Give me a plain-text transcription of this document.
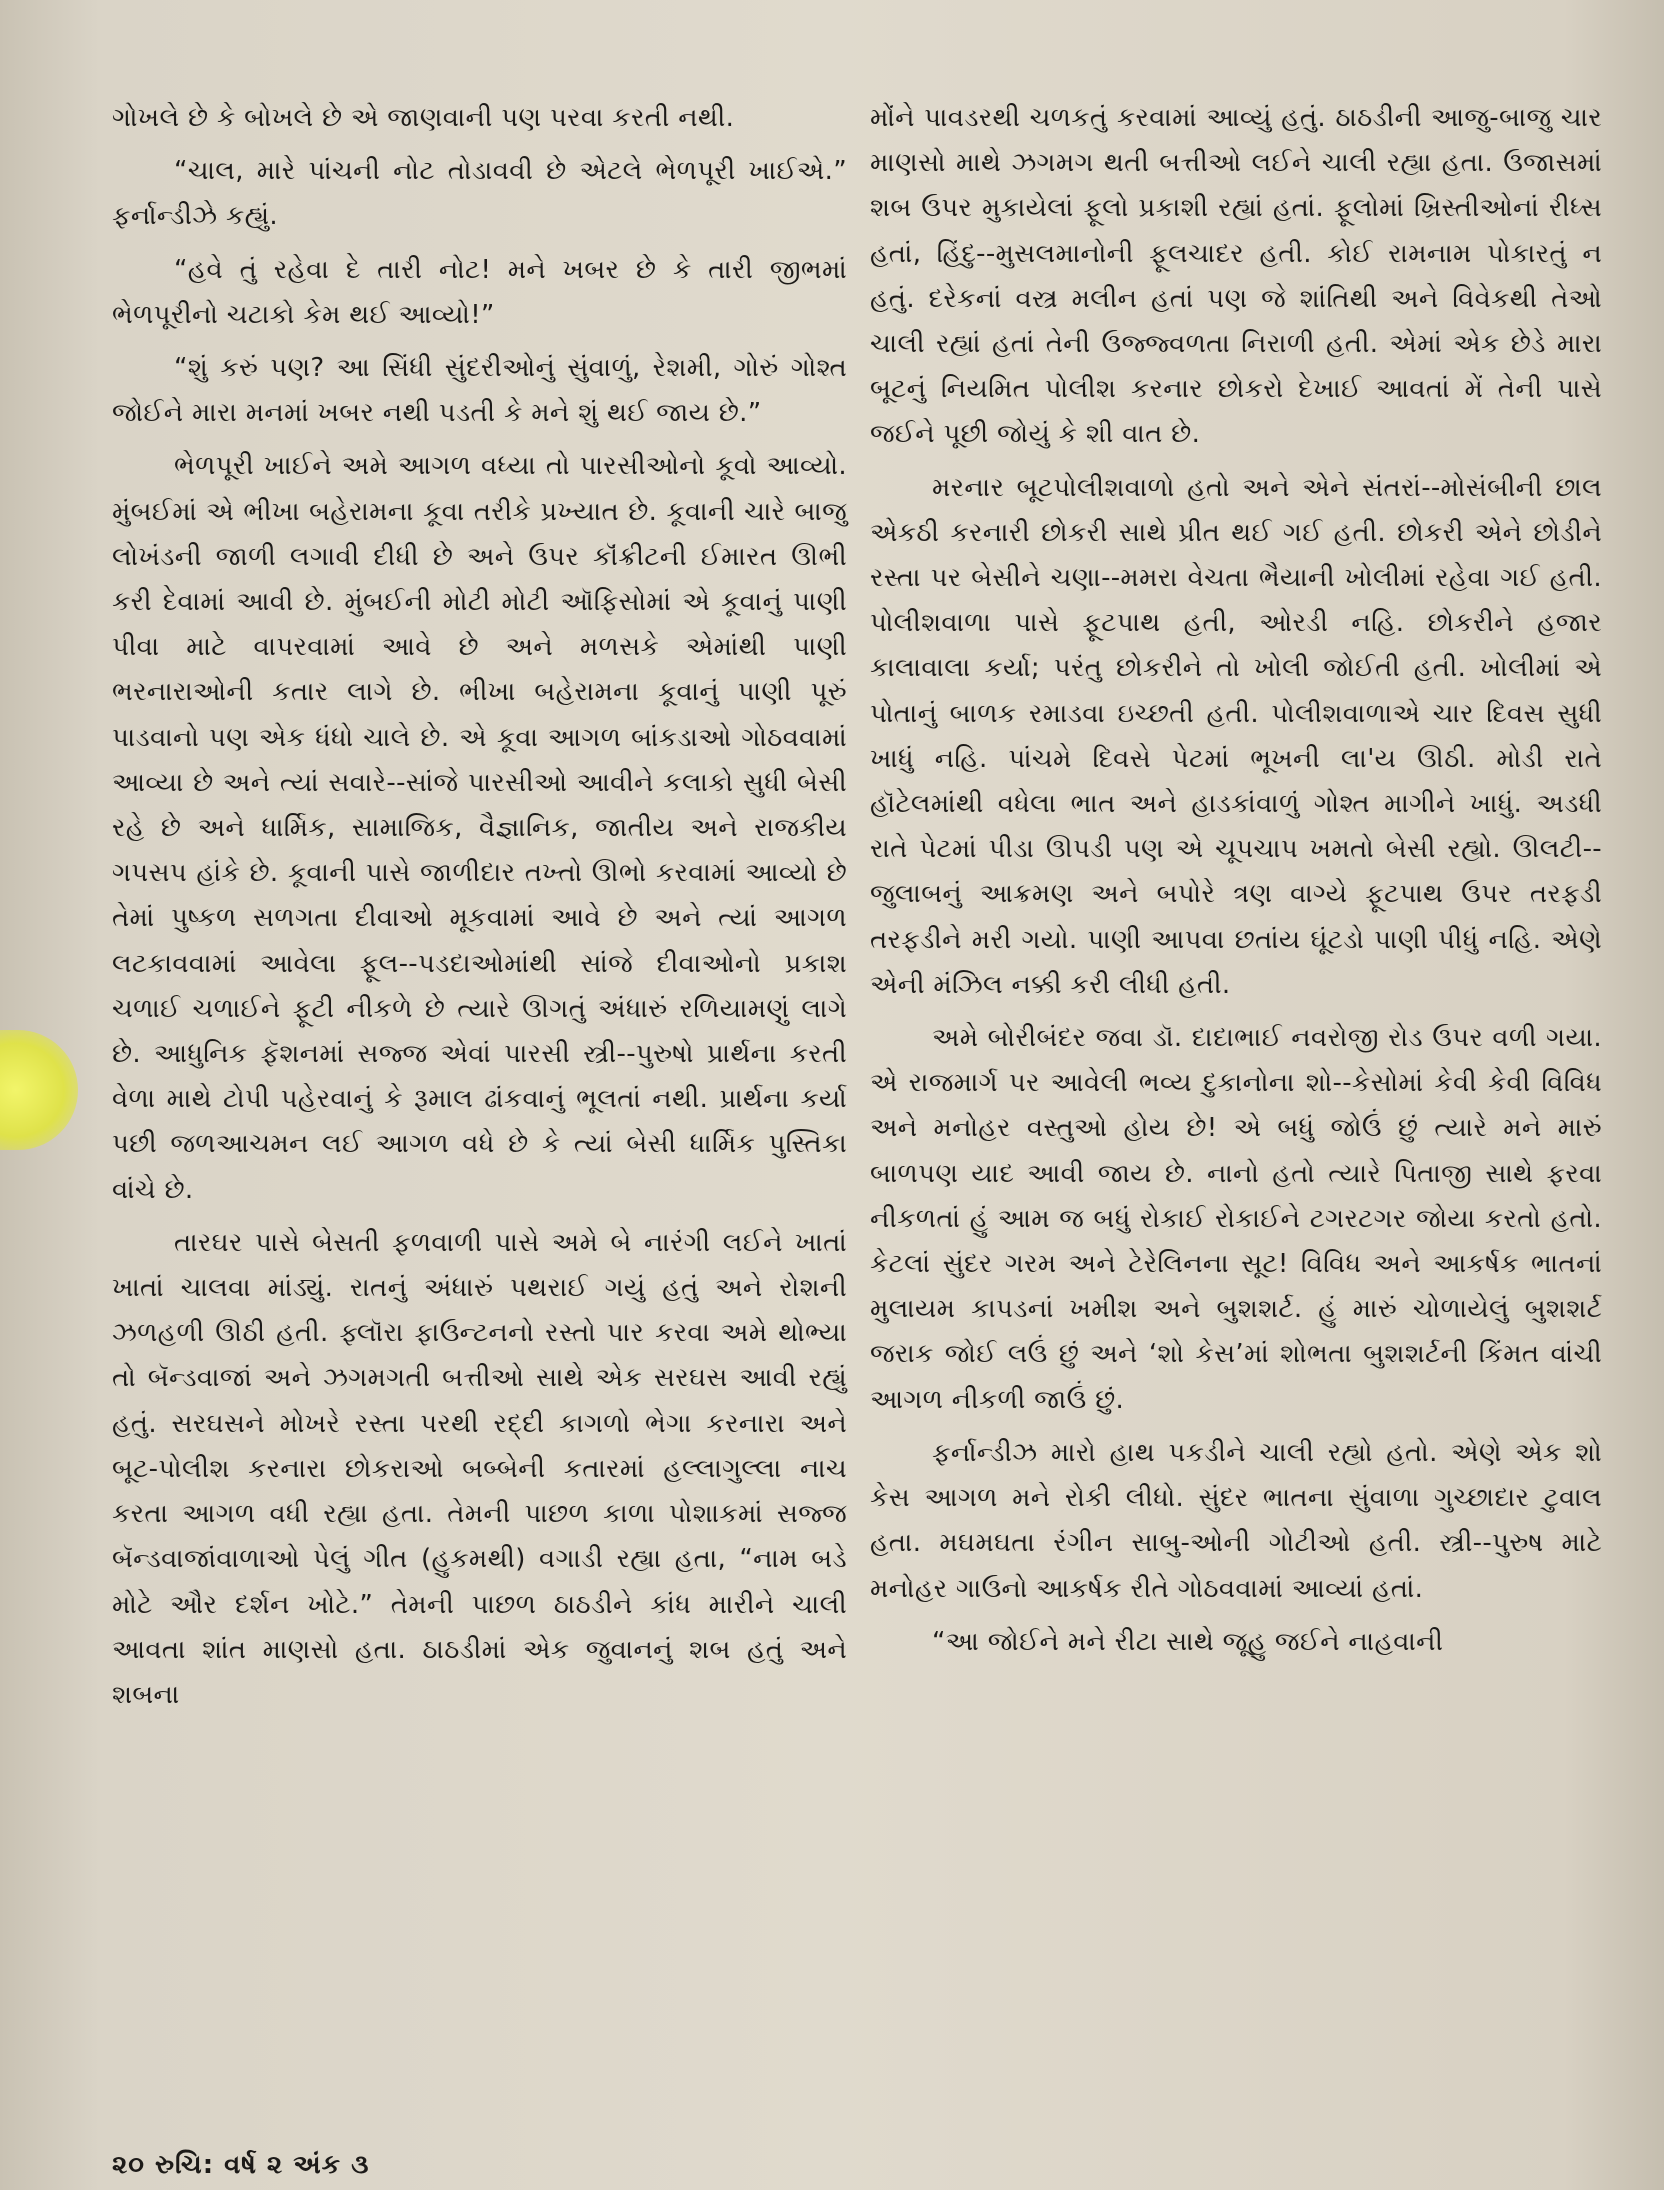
ગોખલે છે કે બોખલે છે એ જાણવાની પણ પરવા કરતી નથી.

“ચાલ, મારે પાંચની નોટ તોડાવવી છે એટલે ભેળપૂરી ખાઈએ.” ફર્નાન્ડીઝે કહ્યું.

“હવે તું રહેવા દે તારી નોટ! મને ખબર છે કે તારી જીભમાં ભેળપૂરીનો ચટાકો કેમ થઈ આવ્યો!”

“શું કરું પણ? આ સિંધી સુંદરીઓનું સુંવાળું, રેશમી, ગોરું ગોશ્ત જોઈને મારા મનમાં ખબર નથી પડતી કે મને શું થઈ જાય છે.”

ભેળપૂરી ખાઈને અમે આગળ વધ્યા તો પારસીઓનો કૂવો આવ્યો. મુંબઈમાં એ ભીખા બહેરામના કૂવા તરીકે પ્રખ્યાત છે. કૂવાની ચારે બાજુ લોખંડની જાળી લગાવી દીધી છે અને ઉપર કૉંક્રીટની ઈમારત ઊભી કરી દેવામાં આવી છે. મુંબઈની મોટી મોટી ઑફિસોમાં એ કૂવાનું પાણી પીવા માટે વાપરવામાં આવે છે અને મળસકે એમાંથી પાણી ભરનારાઓની કતાર લાગે છે. ભીખા બહેરામના કૂવાનું પાણી પૂરું પાડવાનો પણ એક ધંધો ચાલે છે. એ કૂવા આગળ બાંકડાઓ ગોઠવવામાં આવ્યા છે અને ત્યાં સવારે--સાંજે પારસીઓ આવીને કલાકો સુધી બેસી રહે છે અને ધાર્મિક, સામાજિક, વૈજ્ઞાનિક, જાતીય અને રાજકીય ગપસપ હાંકે છે. કૂવાની પાસે જાળીદાર તખ્તો ઊભો કરવામાં આવ્યો છે તેમાં પુષ્કળ સળગતા દીવાઓ મૂકવામાં આવે છે અને ત્યાં આગળ લટકાવવામાં આવેલા ફૂલ--પડદાઓમાંથી સાંજે દીવાઓનો પ્રકાશ ચળાઈ ચળાઈને ફૂટી નીકળે છે ત્યારે ઊગતું અંધારું રળિયામણું લાગે છે. આધુનિક ફૅશનમાં સજ્જ એવાં પારસી સ્ત્રી--પુરુષો પ્રાર્થના કરતી વેળા માથે ટોપી પહેરવાનું કે રૂમાલ ઢાંકવાનું ભૂલતાં નથી. પ્રાર્થના કર્યા પછી જળઆચમન લઈ આગળ વધે છે કે ત્યાં બેસી ધાર્મિક પુસ્તિકા વાંચે છે.

તારઘર પાસે બેસતી ફળવાળી પાસે અમે બે નારંગી લઈને ખાતાં ખાતાં ચાલવા માંડ્યું. રાતનું અંધારું પથરાઈ ગયું હતું અને રોશની ઝળહળી ઊઠી હતી. ફ્લૉરા ફાઉન્ટનનો રસ્તો પાર કરવા અમે થોભ્યા તો બૅન્ડવાજાં અને ઝગમગતી બત્તીઓ સાથે એક સરઘસ આવી રહ્યું હતું. સરઘસને મોખરે રસ્તા પરથી રદ્દી કાગળો ભેગા કરનારા અને બૂટ-પોલીશ કરનારા છોકરાઓ બબ્બેની કતારમાં હલ્લાગુલ્લા નાચ કરતા આગળ વધી રહ્યા હતા. તેમની પાછળ કાળા પોશાકમાં સજ્જ બૅન્ડવાજાંવાળાઓ પેલું ગીત (હુકમથી) વગાડી રહ્યા હતા, “નામ બડે મોટે ઔર દર્શન ખોટે.” તેમની પાછળ ઠાઠડીને કાંધ મારીને ચાલી આવતા શાંત માણસો હતા. ઠાઠડીમાં એક જુવાનનું શબ હતું અને શબના

મોંને પાવડરથી ચળકતું કરવામાં આવ્યું હતું. ઠાઠડીની આજુ-બાજુ ચાર માણસો માથે ઝગમગ થતી બત્તીઓ લઈને ચાલી રહ્યા હતા. ઉજાસમાં શબ ઉપર મુકાયેલાં ફૂલો પ્રકાશી રહ્યાં હતાં. ફૂલોમાં ખ્રિસ્તીઓનાં રીધ્સ હતાં, હિંદુ--મુસલમાનોની ફૂલચાદર હતી. કોઈ રામનામ પોકારતું ન હતું. દરેકનાં વસ્ત્ર મલીન હતાં પણ જે શાંતિથી અને વિવેકથી તેઓ ચાલી રહ્યાં હતાં તેની ઉજ્જ્વળતા નિરાળી હતી. એમાં એક છેડે મારા બૂટનું નિયમિત પોલીશ કરનાર છોકરો દેખાઈ આવતાં મેં તેની પાસે જઈને પૂછી જોયું કે શી વાત છે.

મરનાર બૂટપોલીશવાળો હતો અને એને સંતરાં--મોસંબીની છાલ એકઠી કરનારી છોકરી સાથે પ્રીત થઈ ગઈ હતી. છોકરી એને છોડીને રસ્તા પર બેસીને ચણા--મમરા વેચતા ભૈયાની ખોલીમાં રહેવા ગઈ હતી. પોલીશવાળા પાસે ફૂટપાથ હતી, ઓરડી નહિ. છોકરીને હજાર કાલાવાલા કર્યા; પરંતુ છોકરીને તો ખોલી જોઈતી હતી. ખોલીમાં એ પોતાનું બાળક રમાડવા ઇચ્છતી હતી. પોલીશવાળાએ ચાર દિવસ સુધી ખાધું નહિ. પાંચમે દિવસે પેટમાં ભૂખની લા'ય ઊઠી. મોડી રાતે હૉટેલમાંથી વધેલા ભાત અને હાડકાંવાળું ગોશ્ત માગીને ખાધું. અડધી રાતે પેટમાં પીડા ઊપડી પણ એ ચૂપચાપ ખમતો બેસી રહ્યો. ઊલટી--જુલાબનું આક્રમણ અને બપોરે ત્રણ વાગ્યે ફૂટપાથ ઉપર તરફડી તરફડીને મરી ગયો. પાણી આપવા છતાંય ઘૂંટડો પાણી પીધું નહિ. એણે એની મંઝિલ નક્કી કરી લીધી હતી.

અમે બોરીબંદર જવા ડૉ. દાદાભાઈ નવરોજી રોડ ઉપર વળી ગયા. એ રાજમાર્ગ પર આવેલી ભવ્ય દુકાનોના શો--કેસોમાં કેવી કેવી વિવિધ અને મનોહર વસ્તુઓ હોય છે! એ બધું જોઉં છું ત્યારે મને મારું બાળપણ યાદ આવી જાય છે. નાનો હતો ત્યારે પિતાજી સાથે ફરવા નીકળતાં હું આમ જ બધું રોકાઈ રોકાઈને ટગરટગર જોયા કરતો હતો. કેટલાં સુંદર ગરમ અને ટેરેલિનના સૂટ! વિવિધ અને આકર્ષક ભાતનાં મુલાયમ કાપડનાં ખમીશ અને બુશશર્ટ. હું મારું ચોળાયેલું બુશશર્ટ જરાક જોઈ લઉં છું અને ‘શો કેસ’માં શોભતા બુશશર્ટની કિંમત વાંચી આગળ નીકળી જાઉં છું.

ફર્નાન્ડીઝ મારો હાથ પકડીને ચાલી રહ્યો હતો. એણે એક શો કેસ આગળ મને રોકી લીધો. સુંદર ભાતના સુંવાળા ગુચ્છાદાર ટુવાલ હતા. મઘમઘતા રંગીન સાબુ-ઓની ગોટીઓ હતી. સ્ત્રી--પુરુષ માટે મનોહર ગાઉનો આકર્ષક રીતે ગોઠવવામાં આવ્યાં હતાં.

“આ જોઈને મને રીટા સાથે જૂહુ જઈને નાહવાની

૨૦ રુચિ: વર્ષ ૨ અંક ૩
